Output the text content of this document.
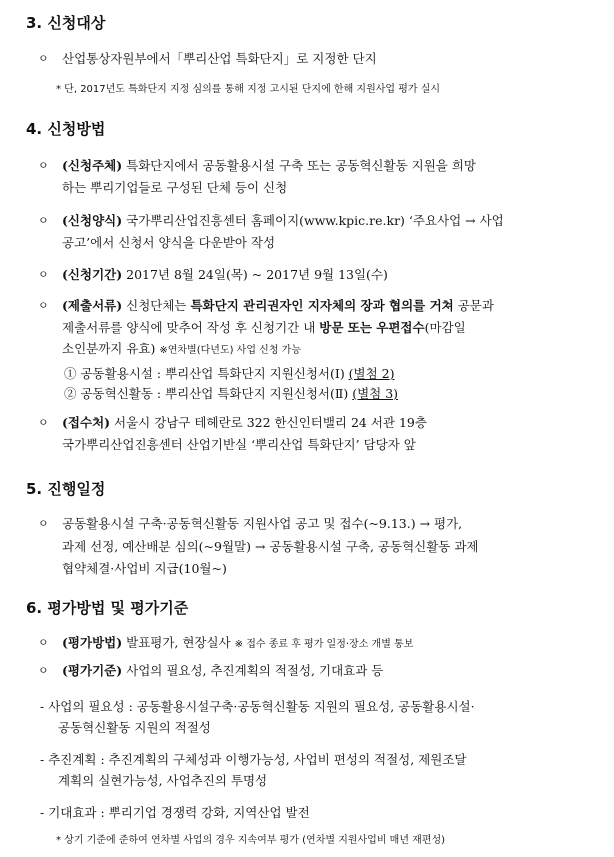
3. 신청대상
ㅇ 산업통상자원부에서「뿌리산업 특화단지」로 지정한 단지
* 단, 2017년도 특화단지 지정 심의를 통해 지정 고시된 단지에 한해 지원사업 평가 실시
4. 신청방법
ㅇ (신청주체) 특화단지에서 공동활용시설 구축 또는 공동혁신활동 지원을 희망
하는 뿌리기업들로 구성된 단체 등이 신청
ㅇ (신청양식) 국가뿌리산업진흥센터 홈페이지(www.kpic.re.kr) ‘주요사업 → 사업
공고’에서 신청서 양식을 다운받아 작성
ㅇ (신청기간) 2017년 8월 24일(목) ~ 2017년 9월 13일(수)
ㅇ (제출서류) 신청단체는 특화단지 관리권자인 지자체의 장과 협의를 거쳐 공문과
제출서류를 양식에 맞추어 작성 후 신청기간 내 방문 또는 우편접수(마감일
소인분까지 유효) ※연차별(다년도) 사업 신청 가능
① 공동활용시설 : 뿌리산업 특화단지 지원신청서(Ⅰ) (별첨 2)
② 공동혁신활동 : 뿌리산업 특화단지 지원신청서(Ⅱ) (별첨 3)
ㅇ (접수처) 서울시 강남구 테헤란로 322 한신인터밸리 24 서관 19층
국가뿌리산업진흥센터 산업기반실 ‘뿌리산업 특화단지’ 담당자 앞
5. 진행일정
ㅇ 공동활용시설 구축·공동혁신활동 지원사업 공고 및 접수(~9.13.) → 평가,
과제 선정, 예산배분 심의(~9월말) → 공동활용시설 구축, 공동혁신활동 과제
협약체결·사업비 지급(10월~)
6. 평가방법 및 평가기준
ㅇ (평가방법) 발표평가, 현장실사 ※ 접수 종료 후 평가 일정·장소 개별 통보
ㅇ (평가기준) 사업의 필요성, 추진계획의 적절성, 기대효과 등
- 사업의 필요성 : 공동활용시설구축·공동혁신활동 지원의 필요성, 공동활용시설·
공동혁신활동 지원의 적절성
- 추진계획 : 추진계획의 구체성과 이행가능성, 사업비 편성의 적절성, 제원조달
계획의 실현가능성, 사업추진의 투명성
- 기대효과 : 뿌리기업 경쟁력 강화, 지역산업 발전
* 상기 기준에 준하여 연차별 사업의 경우 지속여부 평가 (연차별 지원사업비 매년 재편성)
